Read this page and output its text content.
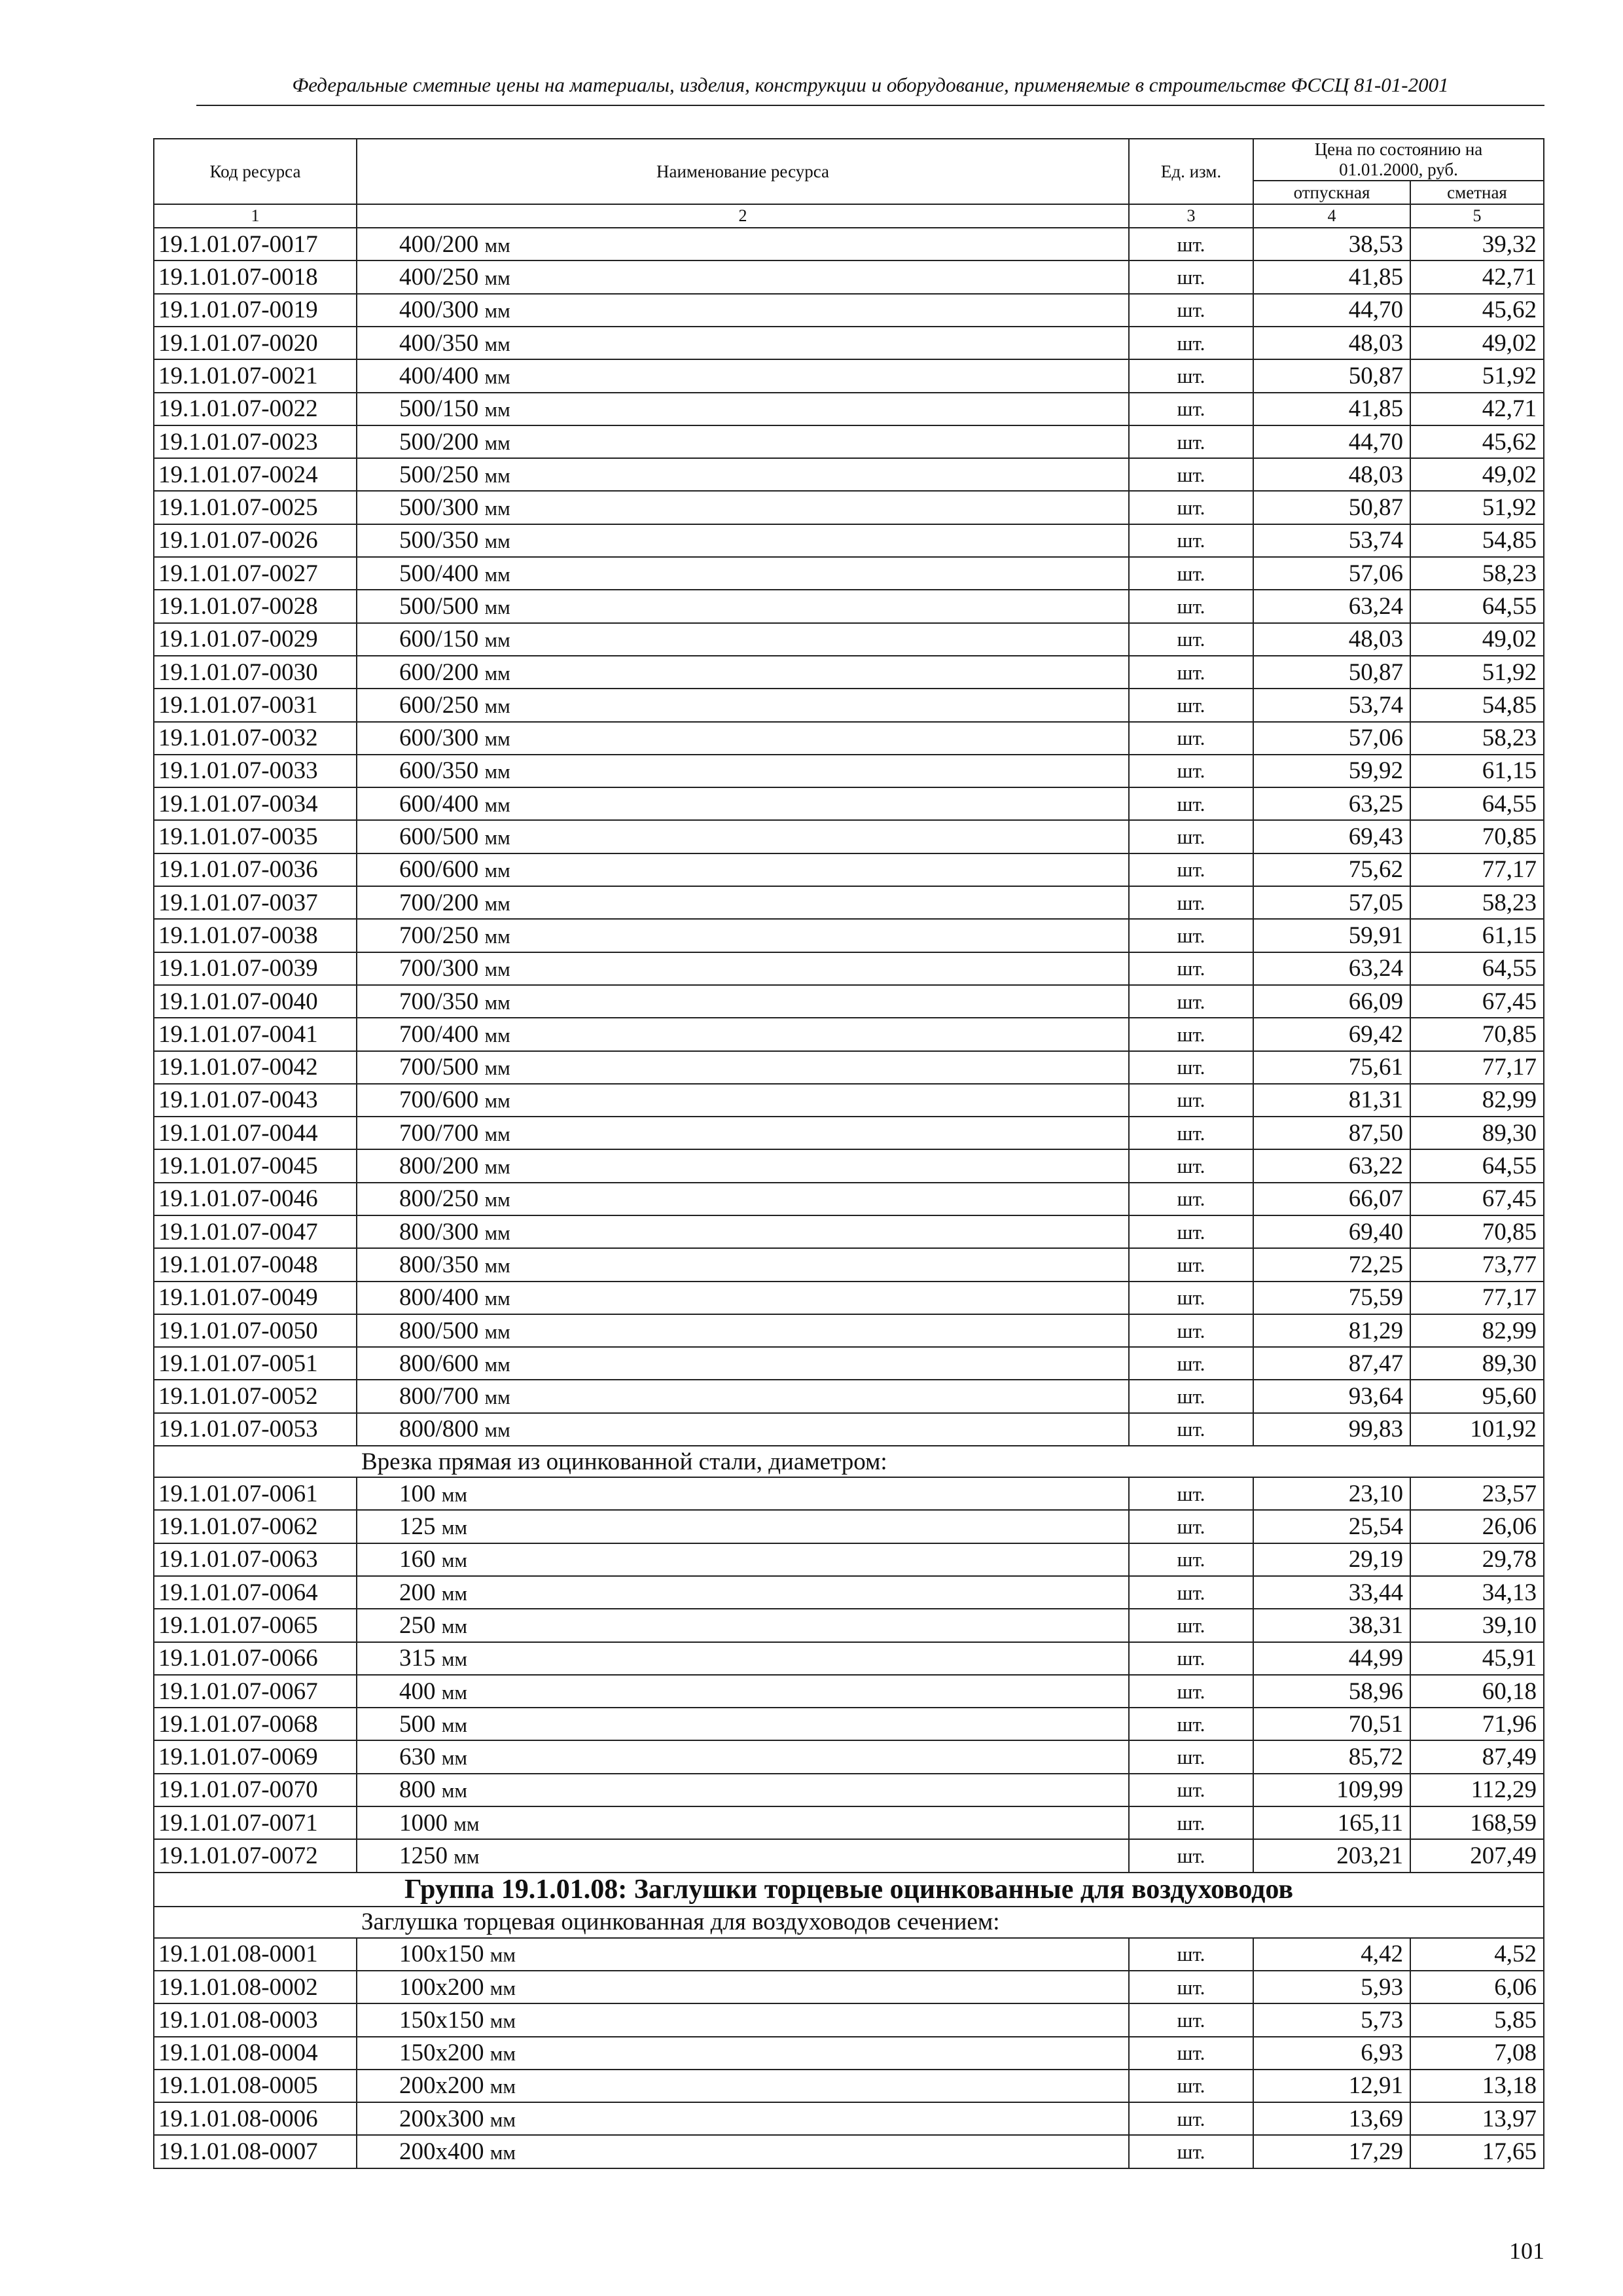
Федеральные сметные цены на материалы, изделия, конструкции и оборудование, применяемые в строительстве ФССЦ 81-01-2001
Код ресурса	Наименование ресурса	Ед. изм.	Цена по состоянию на 01.01.2000, руб.	

			отпускная	сметная
1	2	3	4	5
19.1.01.07-0017	400/200 мм	шт.	38,53	39,32
19.1.01.07-0018	400/250 мм	шт.	41,85	42,71
19.1.01.07-0019	400/300 мм	шт.	44,70	45,62
19.1.01.07-0020	400/350 мм	шт.	48,03	49,02
19.1.01.07-0021	400/400 мм	шт.	50,87	51,92
19.1.01.07-0022	500/150 мм	шт.	41,85	42,71
19.1.01.07-0023	500/200 мм	шт.	44,70	45,62
19.1.01.07-0024	500/250 мм	шт.	48,03	49,02
19.1.01.07-0025	500/300 мм	шт.	50,87	51,92
19.1.01.07-0026	500/350 мм	шт.	53,74	54,85
19.1.01.07-0027	500/400 мм	шт.	57,06	58,23
19.1.01.07-0028	500/500 мм	шт.	63,24	64,55
19.1.01.07-0029	600/150 мм	шт.	48,03	49,02
19.1.01.07-0030	600/200 мм	шт.	50,87	51,92
19.1.01.07-0031	600/250 мм	шт.	53,74	54,85
19.1.01.07-0032	600/300 мм	шт.	57,06	58,23
19.1.01.07-0033	600/350 мм	шт.	59,92	61,15
19.1.01.07-0034	600/400 мм	шт.	63,25	64,55
19.1.01.07-0035	600/500 мм	шт.	69,43	70,85
19.1.01.07-0036	600/600 мм	шт.	75,62	77,17
19.1.01.07-0037	700/200 мм	шт.	57,05	58,23
19.1.01.07-0038	700/250 мм	шт.	59,91	61,15
19.1.01.07-0039	700/300 мм	шт.	63,24	64,55
19.1.01.07-0040	700/350 мм	шт.	66,09	67,45
19.1.01.07-0041	700/400 мм	шт.	69,42	70,85
19.1.01.07-0042	700/500 мм	шт.	75,61	77,17
19.1.01.07-0043	700/600 мм	шт.	81,31	82,99
19.1.01.07-0044	700/700 мм	шт.	87,50	89,30
19.1.01.07-0045	800/200 мм	шт.	63,22	64,55
19.1.01.07-0046	800/250 мм	шт.	66,07	67,45
19.1.01.07-0047	800/300 мм	шт.	69,40	70,85
19.1.01.07-0048	800/350 мм	шт.	72,25	73,77
19.1.01.07-0049	800/400 мм	шт.	75,59	77,17
19.1.01.07-0050	800/500 мм	шт.	81,29	82,99
19.1.01.07-0051	800/600 мм	шт.	87,47	89,30
19.1.01.07-0052	800/700 мм	шт.	93,64	95,60
19.1.01.07-0053	800/800 мм	шт.	99,83	101,92
Врезка прямая из оцинкованной стали, диаметром:				
19.1.01.07-0061	100 мм	шт.	23,10	23,57
19.1.01.07-0062	125 мм	шт.	25,54	26,06
19.1.01.07-0063	160 мм	шт.	29,19	29,78
19.1.01.07-0064	200 мм	шт.	33,44	34,13
19.1.01.07-0065	250 мм	шт.	38,31	39,10
19.1.01.07-0066	315 мм	шт.	44,99	45,91
19.1.01.07-0067	400 мм	шт.	58,96	60,18
19.1.01.07-0068	500 мм	шт.	70,51	71,96
19.1.01.07-0069	630 мм	шт.	85,72	87,49
19.1.01.07-0070	800 мм	шт.	109,99	112,29
19.1.01.07-0071	1000 мм	шт.	165,11	168,59
19.1.01.07-0072	1250 мм	шт.	203,21	207,49
Группа 19.1.01.08: Заглушки торцевые оцинкованные для воздуховодов				
Заглушка торцевая оцинкованная для воздуховодов сечением:				
19.1.01.08-0001	100х150 мм	шт.	4,42	4,52
19.1.01.08-0002	100х200 мм	шт.	5,93	6,06
19.1.01.08-0003	150х150 мм	шт.	5,73	5,85
19.1.01.08-0004	150х200 мм	шт.	6,93	7,08
19.1.01.08-0005	200х200 мм	шт.	12,91	13,18
19.1.01.08-0006	200х300 мм	шт.	13,69	13,97
19.1.01.08-0007	200х400 мм	шт.	17,29	17,65
101
